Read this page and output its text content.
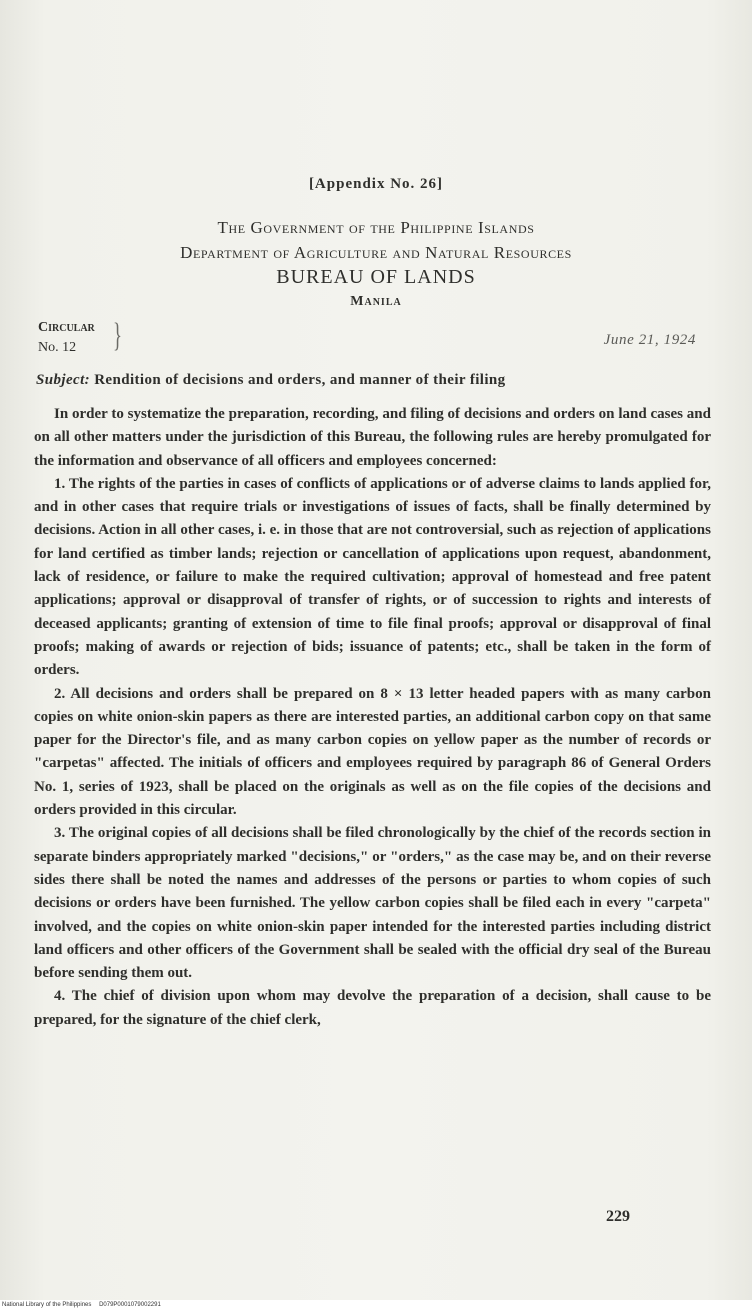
[Appendix No. 26]
The Government of the Philippine Islands
Department of Agriculture and Natural Resources
BUREAU OF LANDS
Manila
Circular
No. 12	}	June 21, 1924
Subject: Rendition of decisions and orders, and manner of their filing

In order to systematize the preparation, recording, and filing of decisions and orders on land cases and on all other matters under the jurisdiction of this Bureau, the following rules are hereby promulgated for the information and observance of all officers and employees concerned:

1. The rights of the parties in cases of conflicts of applications or of adverse claims to lands applied for, and in other cases that require trials or investigations of issues of facts, shall be finally determined by decisions. Action in all other cases, i. e. in those that are not controversial, such as rejection of applications for land certified as timber lands; rejection or cancellation of applications upon request, abandonment, lack of residence, or failure to make the required cultivation; approval of homestead and free patent applications; approval or disapproval of transfer of rights, or of succession to rights and interests of deceased applicants; granting of extension of time to file final proofs; approval or disapproval of final proofs; making of awards or rejection of bids; issuance of patents; etc., shall be taken in the form of orders.

2. All decisions and orders shall be prepared on 8 × 13 letter headed papers with as many carbon copies on white onion-skin papers as there are interested parties, an additional carbon copy on that same paper for the Director's file, and as many carbon copies on yellow paper as the number of records or "carpetas" affected. The initials of officers and employees required by paragraph 86 of General Orders No. 1, series of 1923, shall be placed on the originals as well as on the file copies of the decisions and orders provided in this circular.

3. The original copies of all decisions shall be filed chronologically by the chief of the records section in separate binders appropriately marked "decisions," or "orders," as the case may be, and on their reverse sides there shall be noted the names and addresses of the persons or parties to whom copies of such decisions or orders have been furnished. The yellow carbon copies shall be filed each in every "carpeta" involved, and the copies on white onion-skin paper intended for the interested parties including district land officers and other officers of the Government shall be sealed with the official dry seal of the Bureau before sending them out.

4. The chief of division upon whom may devolve the preparation of a decision, shall cause to be prepared, for the signature of the chief clerk,

229
National Library of the Philippines D079P0001079002291
